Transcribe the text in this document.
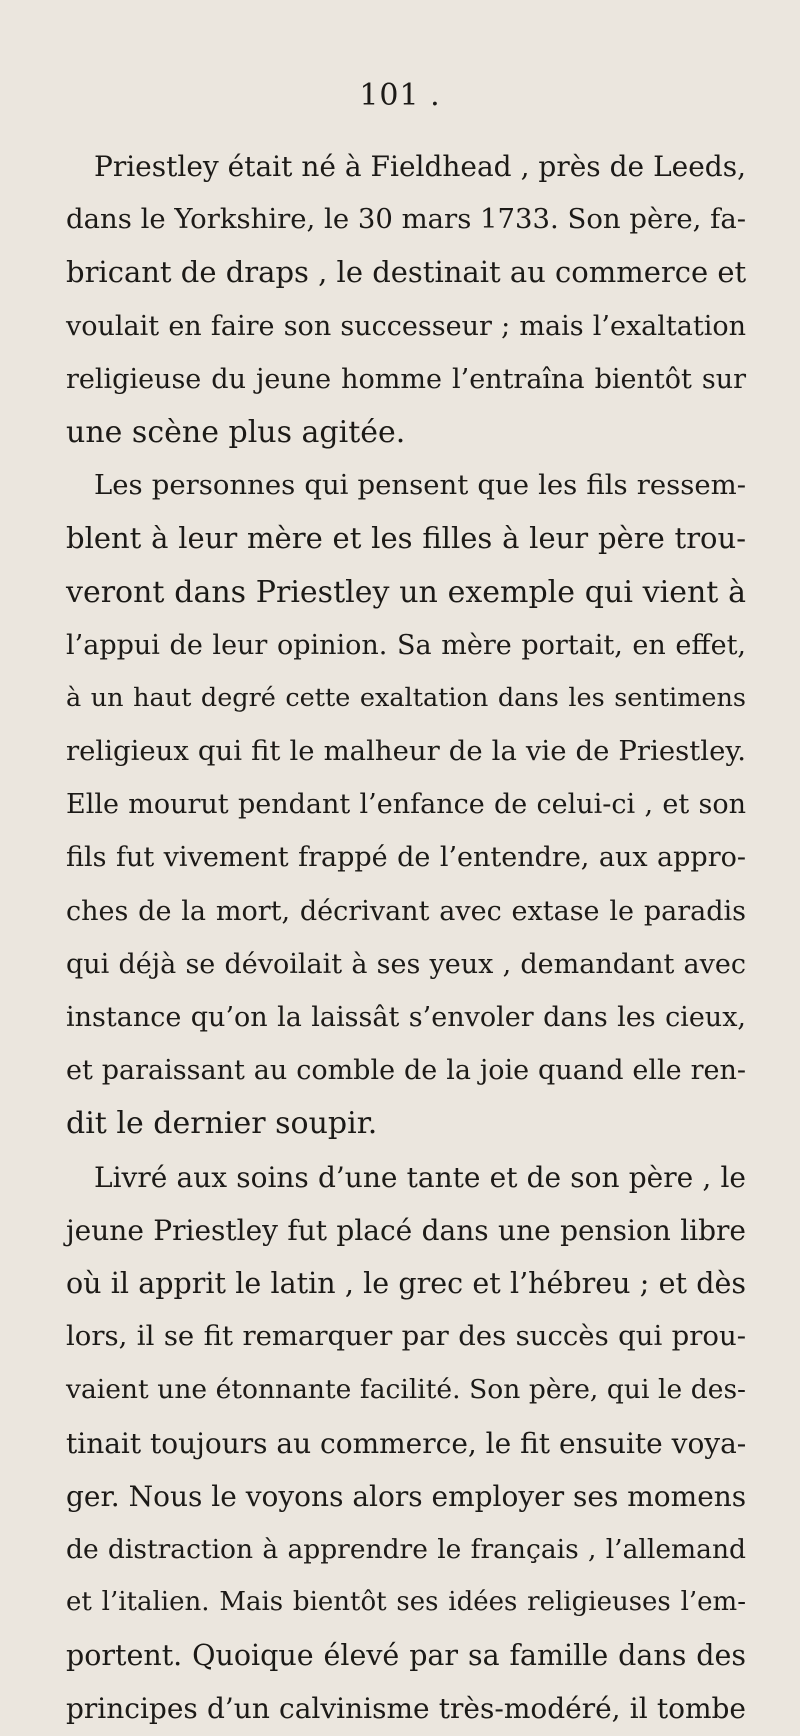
101 .
Priestley était né à Fieldhead , près de Leeds,
dans le Yorkshire, le 30 mars 1733. Son père, fa-
bricant de draps , le destinait au commerce et
voulait en faire son successeur ; mais l’exaltation
religieuse du jeune homme l’entraîna bientôt sur
une scène plus agitée.
Les personnes qui pensent que les fils ressem-
blent à leur mère et les filles à leur père trou-
veront dans Priestley un exemple qui vient à
l’appui de leur opinion. Sa mère portait, en effet,
à un haut degré cette exaltation dans les sentimens
religieux qui fit le malheur de la vie de Priestley.
Elle mourut pendant l’enfance de celui-ci , et son
fils fut vivement frappé de l’entendre, aux appro-
ches de la mort, décrivant avec extase le paradis
qui déjà se dévoilait à ses yeux , demandant avec
instance qu’on la laissât s’envoler dans les cieux,
et paraissant au comble de la joie quand elle ren-
dit le dernier soupir.
Livré aux soins d’une tante et de son père , le
jeune Priestley fut placé dans une pension libre
où il apprit le latin , le grec et l’hébreu ; et dès
lors, il se fit remarquer par des succès qui prou-
vaient une étonnante facilité. Son père, qui le des-
tinait toujours au commerce, le fit ensuite voya-
ger. Nous le voyons alors employer ses momens
de distraction à apprendre le français , l’allemand
et l’italien. Mais bientôt ses idées religieuses l’em-
portent. Quoique élevé par sa famille dans des
principes d’un calvinisme très-modéré, il tombe
